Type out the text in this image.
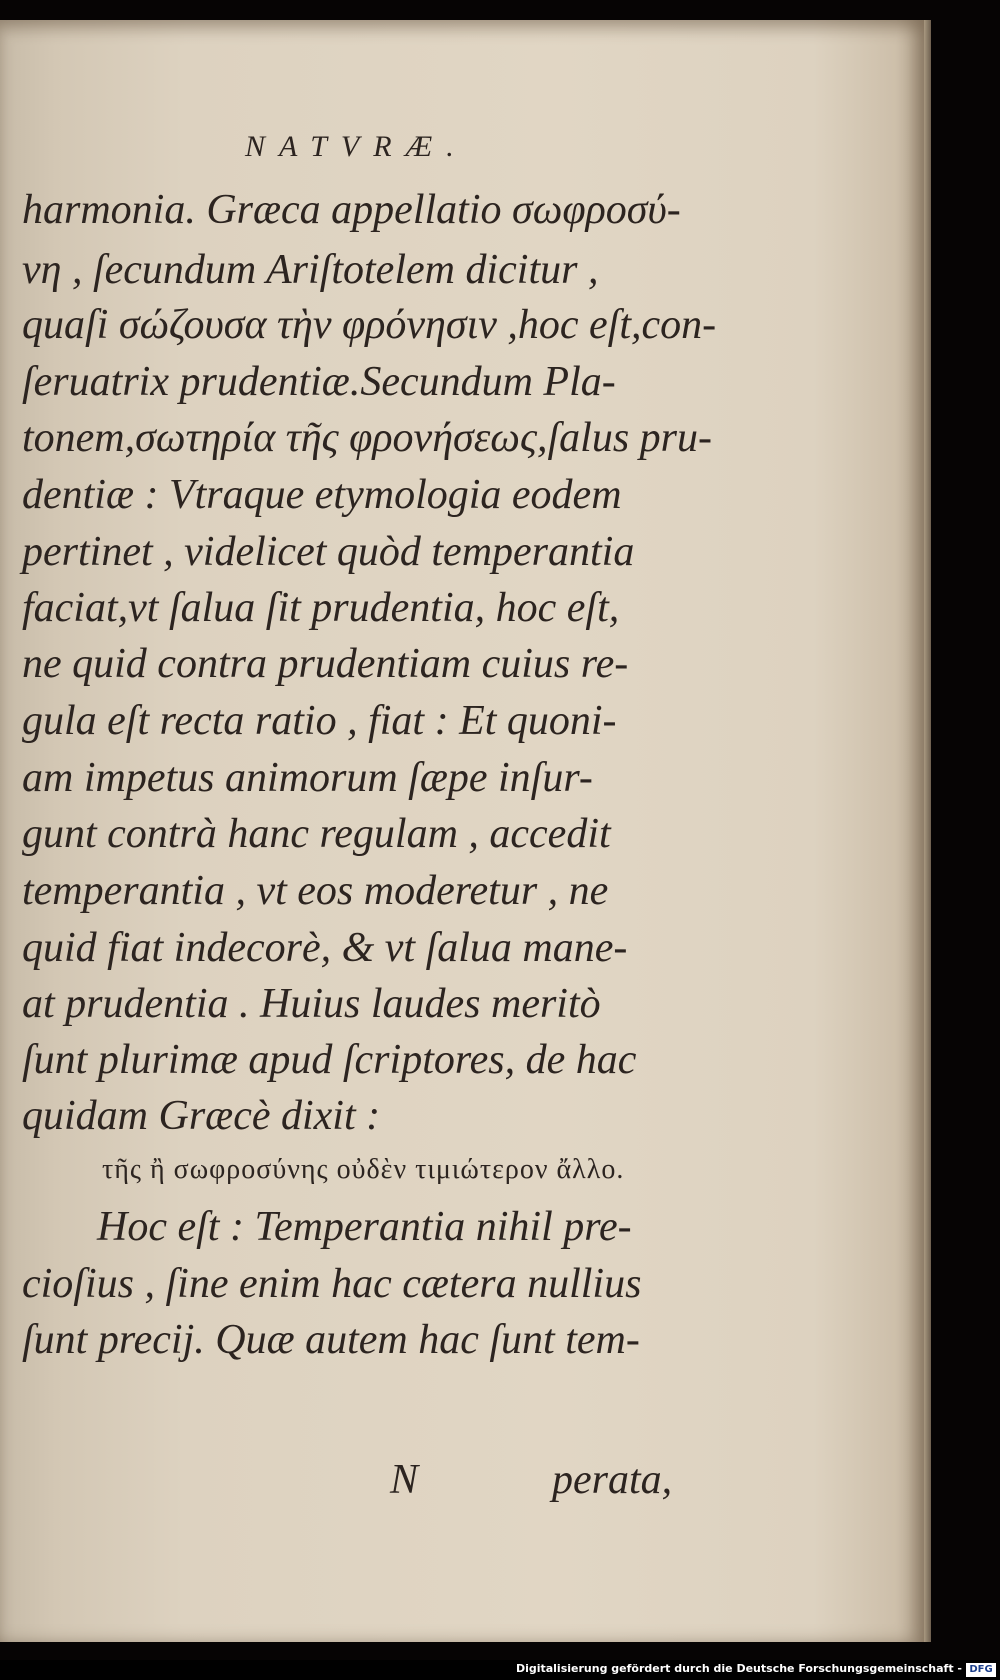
NATVRÆ.
harmonia. Græca appellatio σωφροσύ-
νη , ſecundum Ariſtotelem dicitur ,
quaſi σώζουσα τὴν φρόνησιν ,hoc eſt,con-
ſeruatrix prudentiæ.Secundum Pla-
tonem,σωτηρία τῆς φρονήσεως,ſalus pru-
dentiæ : Vtraque etymologia eodem
pertinet , videlicet quòd temperantia
faciat,vt ſalua ſit prudentia, hoc eſt,
ne quid contra prudentiam cuius re-
gula eſt recta ratio , fiat : Et quoni-
am impetus animorum ſæpe inſur-
gunt contrà hanc regulam , accedit
temperantia , vt eos moderetur , ne
quid fiat indecorè, & vt ſalua mane-
at prudentia . Huius laudes meritò
ſunt plurimæ apud ſcriptores, de hac
quidam Græcè dixit :
τῆς ἢ σωφροσύνης οὐδὲν τιμιώτερον ἄλλο.
Hoc eſt : Temperantia nihil pre-
cioſius , ſine enim hac cætera nullius
ſunt precij. Quæ autem hac ſunt tem-
N	perata,
Digitalisierung gefördert durch die Deutsche Forschungsgemeinschaft - DFG
